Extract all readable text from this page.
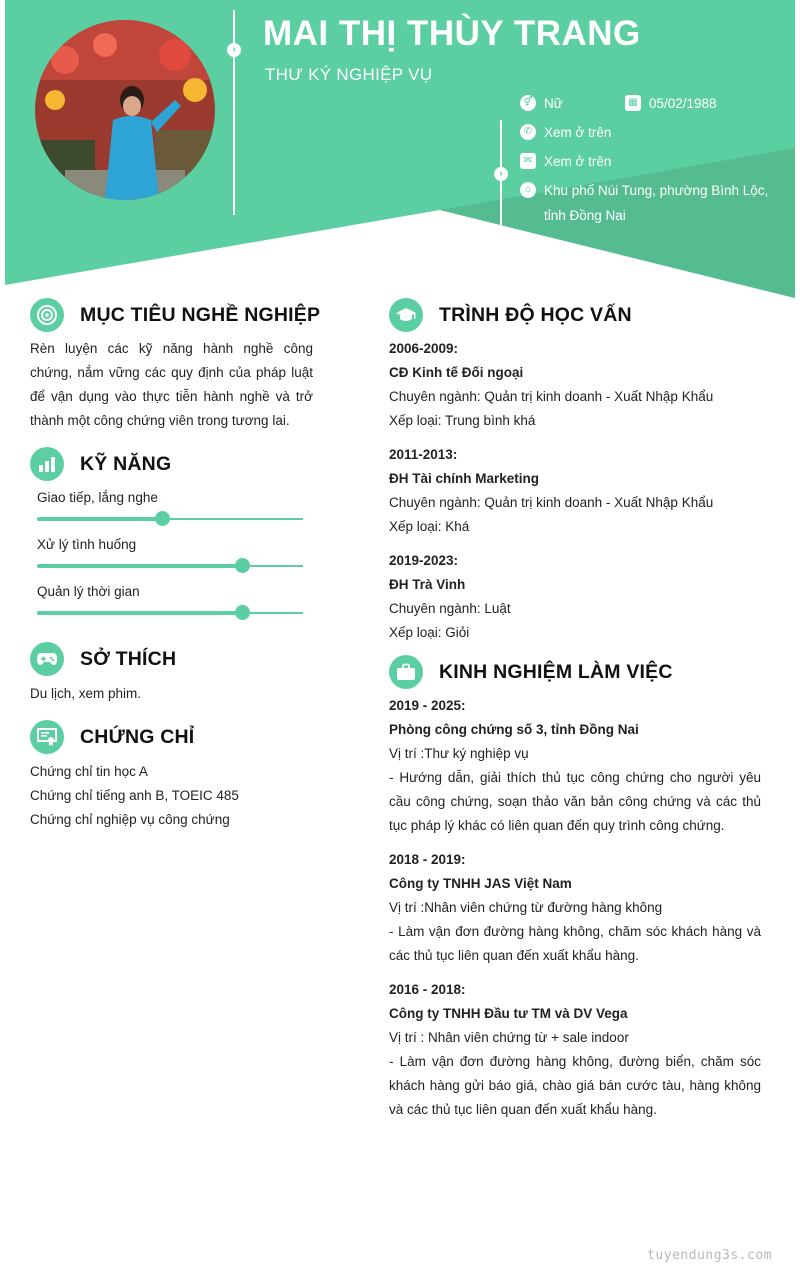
› MAI THỊ THÙY TRANG
THƯ KÝ NGHIỆP VỤ
›
⚥ Nữ	▦ 05/02/1988
✆ Xem ở trên
✉ Xem ở trên
⌂ Khu phố Núi Tung, phường Bình Lộc,
tỉnh Đồng Nai
MỤC TIÊU NGHỀ NGHIỆP
Rèn luyện các kỹ năng hành nghề công
chứng, nắm vững các quy định của pháp luật
để vận dụng vào thực tiễn hành nghề và trở
thành một công chứng viên trong tương lai.
KỸ NĂNG
Giao tiếp, lắng nghe
Xử lý tình huống
Quản lý thời gian
SỞ THÍCH
Du lịch, xem phim.
CHỨNG CHỈ
Chứng chỉ tin học A
Chứng chỉ tiếng anh B, TOEIC 485
Chứng chỉ nghiệp vụ công chứng
TRÌNH ĐỘ HỌC VẤN
2006-2009:
CĐ Kinh tế Đối ngoại
Chuyên ngành: Quản trị kinh doanh - Xuất Nhập Khẩu
Xếp loại: Trung bình khá
2011-2013:
ĐH Tài chính Marketing
Chuyên ngành: Quản trị kinh doanh - Xuất Nhập Khẩu
Xếp loại: Khá
2019-2023:
ĐH Trà Vinh
Chuyên ngành: Luật
Xếp loại: Giỏi
KINH NGHIỆM LÀM VIỆC
2019 - 2025:
Phòng công chứng số 3, tỉnh Đồng Nai
Vị trí :Thư ký nghiệp vụ
- Hướng dẫn, giải thích thủ tục công chứng cho người yêu
cầu công chứng, soạn thảo văn bản công chứng và các thủ
tục pháp lý khác có liên quan đến quy trình công chứng.
2018 - 2019:
Công ty TNHH JAS Việt Nam
Vị trí :Nhân viên chứng từ đường hàng không
- Làm vận đơn đường hàng không, chăm sóc khách hàng và
các thủ tục liên quan đến xuất khẩu hàng.
2016 - 2018:
Công ty TNHH Đầu tư TM và DV Vega
Vị trí : Nhân viên chứng từ + sale indoor
- Làm vận đơn đường hàng không, đường biển, chăm sóc
khách hàng gửi báo giá, chào giá bán cước tàu, hàng không
và các thủ tục liên quan đến xuất khẩu hàng.
tuyendung3s.com
